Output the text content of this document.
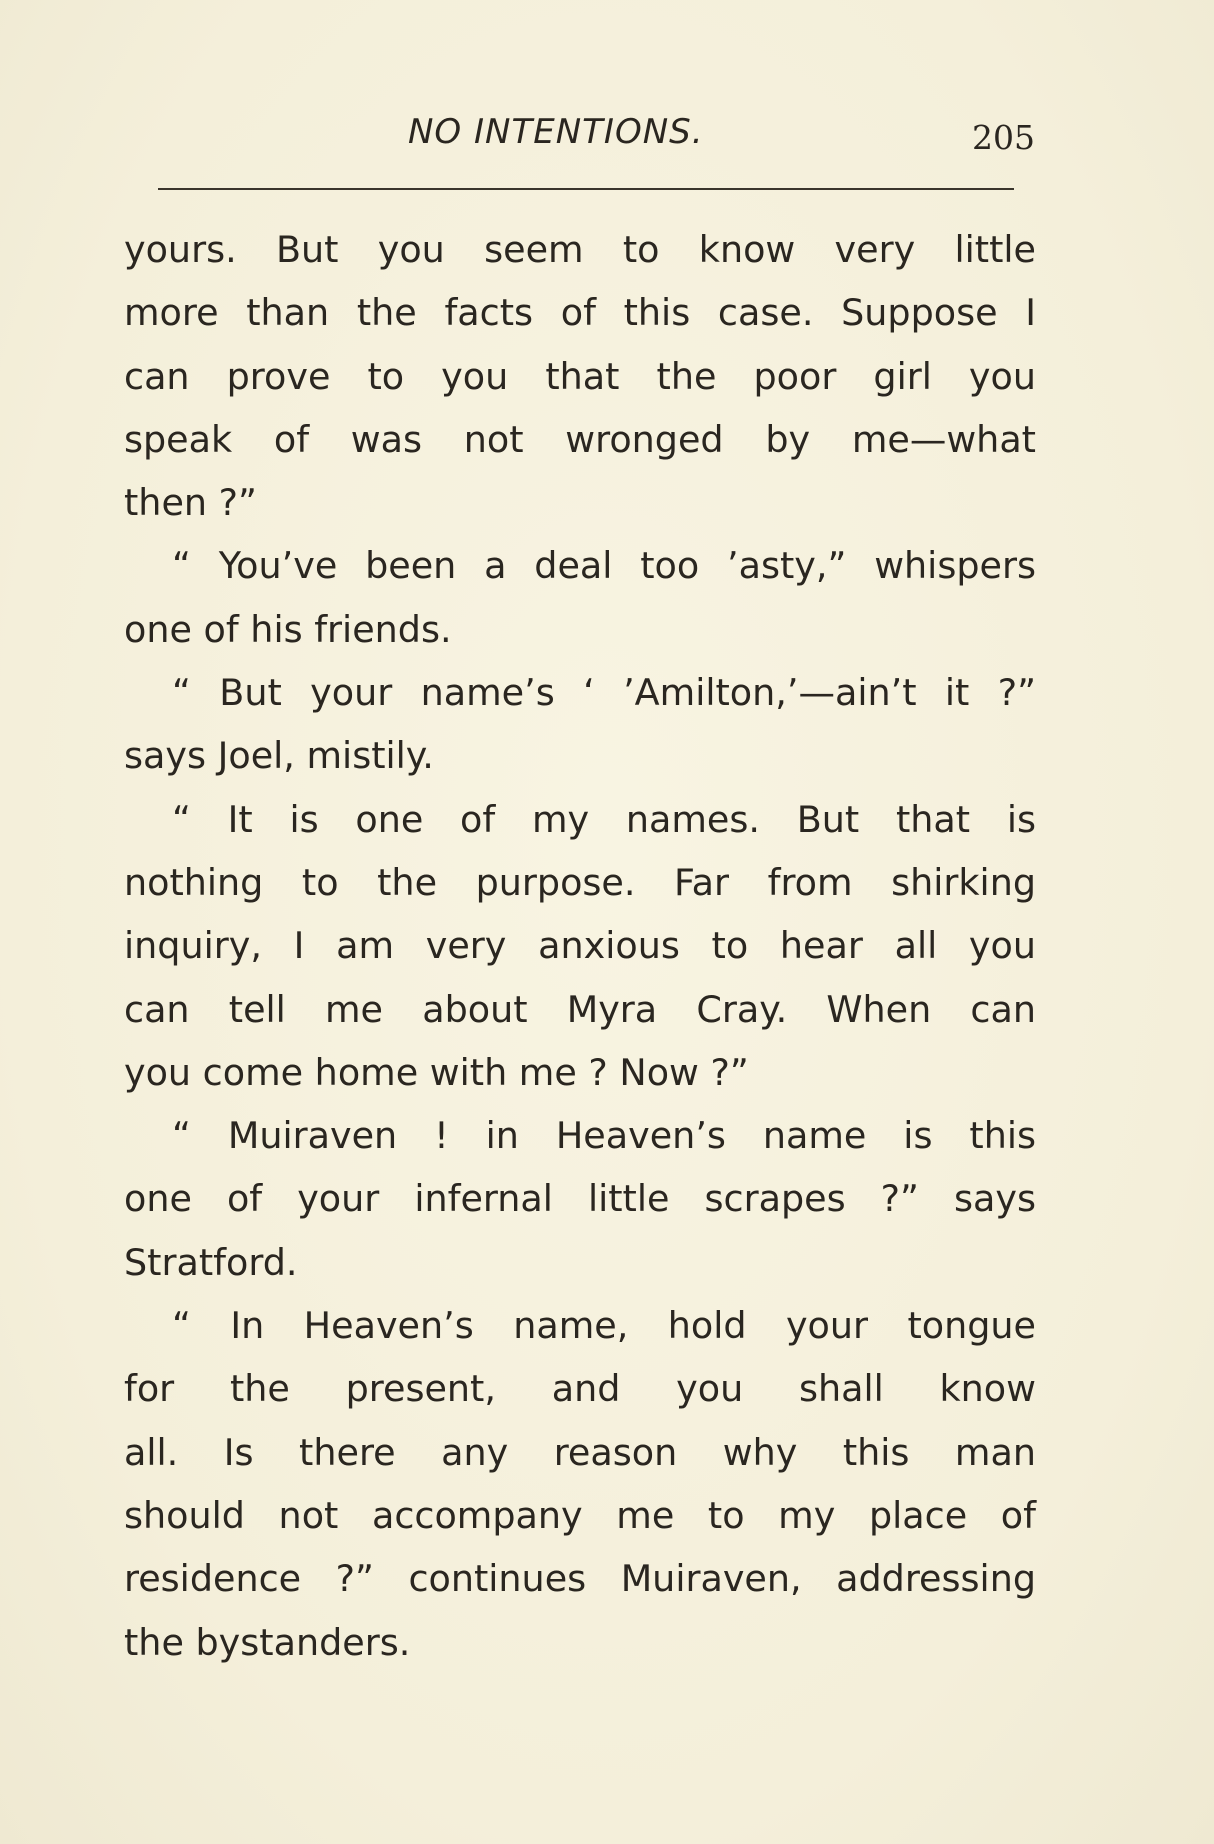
NO INTENTIONS.	205
yours. But you seem to know very little
more than the facts of this case. Suppose I
can prove to you that the poor girl you
speak of was not wronged by me—what
then ?”
“ You’ve been a deal too ’asty,” whispers
one of his friends.
“ But your name’s ‘ ’Amilton,’—ain’t it ?”
says Joel, mistily.
“ It is one of my names. But that is
nothing to the purpose. Far from shirking
inquiry, I am very anxious to hear all you
can tell me about Myra Cray. When can
you come home with me ? Now ?”
“ Muiraven ! in Heaven’s name is this
one of your infernal little scrapes ?” says
Stratford.
“ In Heaven’s name, hold your tongue
for the present, and you shall know
all. Is there any reason why this man
should not accompany me to my place of
residence ?” continues Muiraven, addressing
the bystanders.
